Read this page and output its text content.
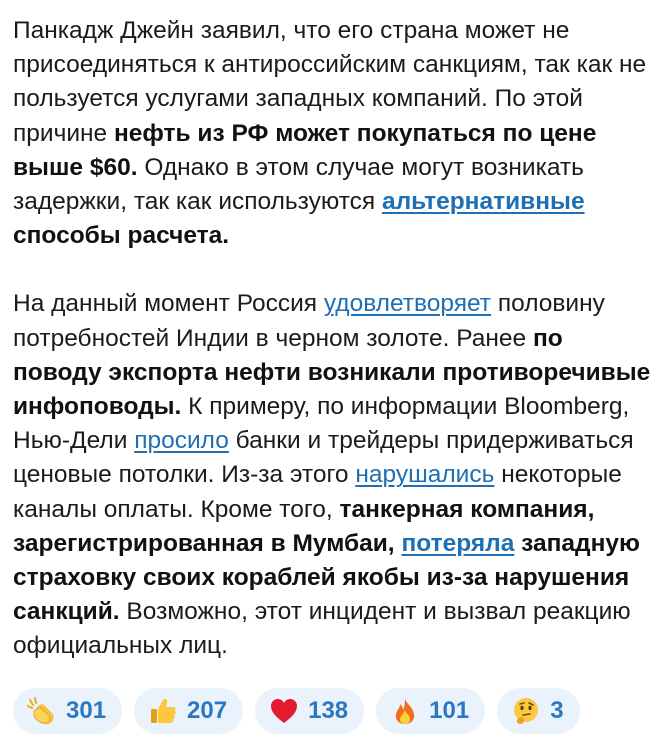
Панкадж Джейн заявил, что его страна может не присоединяться к антироссийским санкциям, так как не пользуется услугами западных компаний. По этой причине нефть из РФ может покупаться по цене выше $60. Однако в этом случае могут возникать задержки, так как используются альтернативные способы расчета.

На данный момент Россия удовлетворяет половину потребностей Индии в черном золоте. Ранее по поводу экспорта нефти возникали противоречивые инфоповоды. К примеру, по информации Bloomberg, Нью-Дели просило банки и трейдеры придерживаться ценовые потолки. Из-за этого нарушались некоторые каналы оплаты. Кроме того, танкерная компания, зарегистрированная в Мумбаи, потеряла западную страховку своих кораблей якобы из-за нарушения санкций. Возможно, этот инцидент и вызвал реакцию официальных лиц.

301	207	138	101	3
